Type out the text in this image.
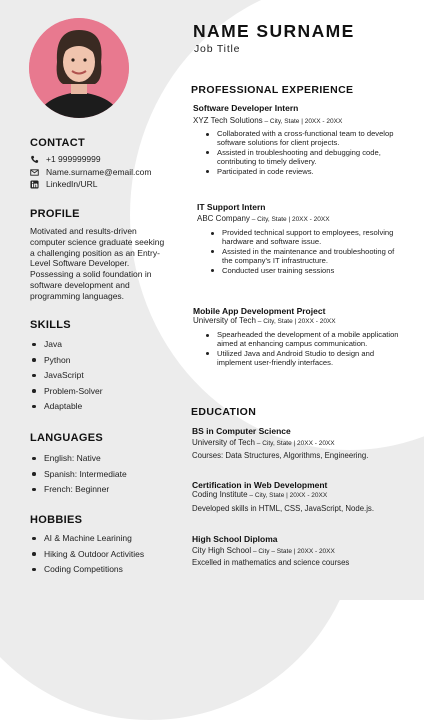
CONTACT
+1 999999999
Name.surname@email.com
LinkedIn/URL
PROFILE
Motivated and results-driven computer science graduate seeking a challenging position as an Entry-Level Software Developer. Possessing a solid foundation in software development and programming languages.
SKILLS
Java
Python
JavaScript
Problem-Solver
Adaptable
LANGUAGES
English: Native
Spanish: Intermediate
French: Beginner
HOBBIES
AI & Machine Learining
Hiking & Outdoor Activities
Coding Competitions
NAME SURNAME
Job Title
PROFESSIONAL EXPERIENCE
Software Developer Intern
XYZ Tech Solutions – City, State | 20XX - 20XX
Collaborated with a cross-functional team to develop software solutions for client projects.
Assisted in troubleshooting and debugging code, contributing to timely delivery.
Participated in code reviews.
IT Support Intern
ABC Company – City, State | 20XX - 20XX
Provided technical support to employees, resolving hardware and software issue.
Assisted in the maintenance and troubleshooting of the company's IT infrastructure.
Conducted user training sessions
Mobile App Development Project
University of Tech – City, State | 20XX - 20XX
Spearheaded the development of a mobile application aimed at enhancing campus communication.
Utilized Java and Android Studio to design and implement user-friendly interfaces.
EDUCATION
BS in Computer Science
University of Tech – City, State | 20XX - 20XX
Courses: Data Structures, Algorithms, Engineering.
Certification in Web Development
Coding Institute – City, State | 20XX - 20XX
Developed skills in HTML, CSS, JavaScript, Node.js.
High School Diploma
City High School – City – State | 20XX - 20XX
Excelled in mathematics and science courses
